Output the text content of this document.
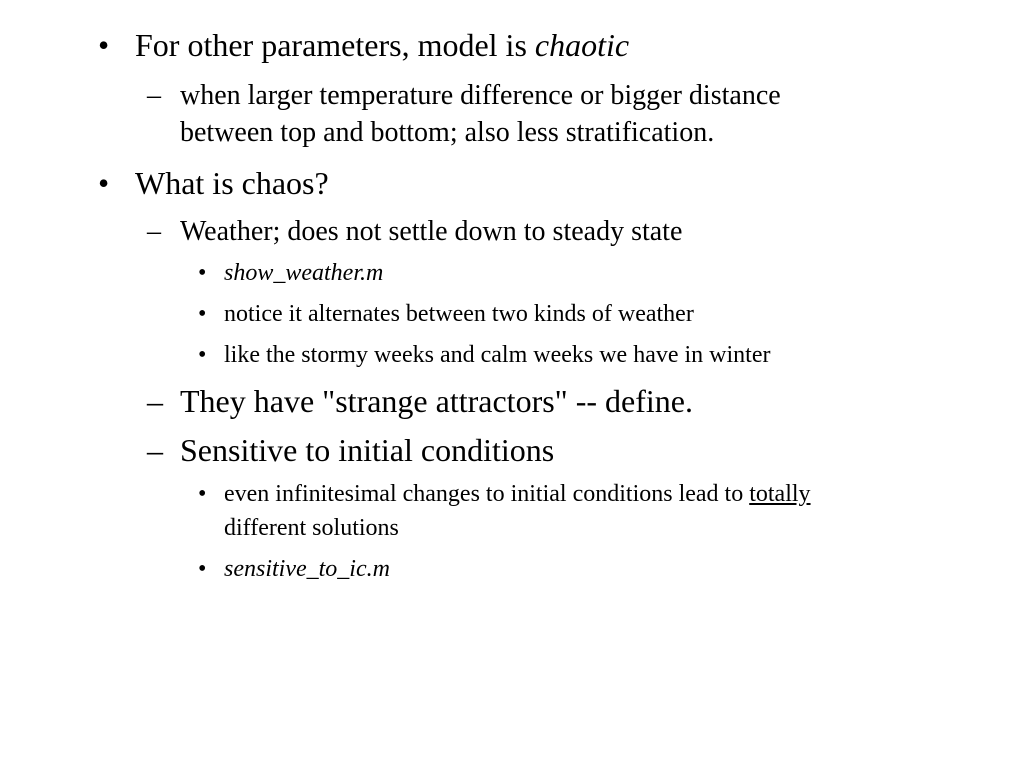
• For other parameters, model is chaotic
– when larger temperature difference or bigger distance
between top and bottom; also less stratification.
• What is chaos?
– Weather; does not settle down to steady state
• show_weather.m
• notice it alternates between two kinds of weather
• like the stormy weeks and calm weeks we have in winter
– They have "strange attractors" -- define.
– Sensitive to initial conditions
• even infinitesimal changes to initial conditions lead to totally
different solutions
• sensitive_to_ic.m
